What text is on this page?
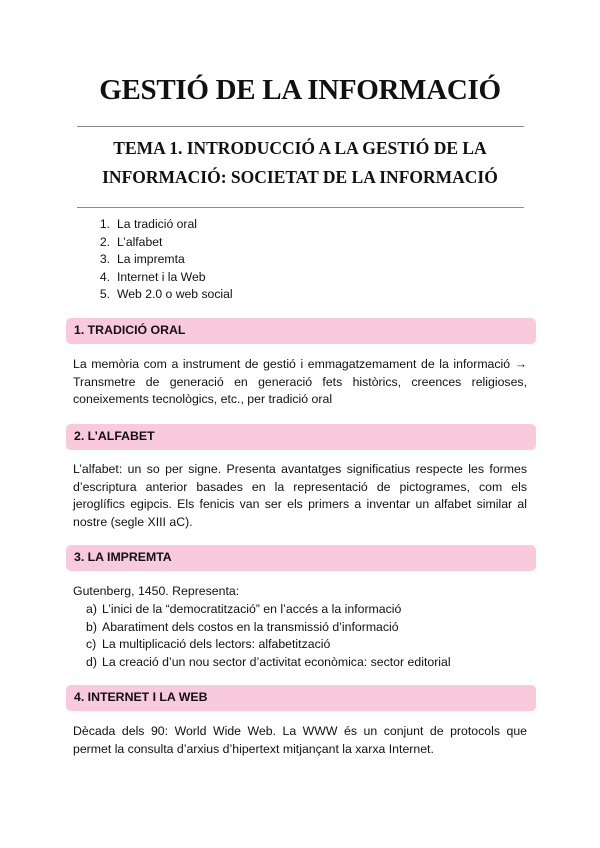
GESTIÓ DE LA INFORMACIÓ
TEMA 1. INTRODUCCIÓ A LA GESTIÓ DE LA INFORMACIÓ: SOCIETAT DE LA INFORMACIÓ
1. La tradició oral
2. L’alfabet
3. La impremta
4. Internet i la Web
5. Web 2.0 o web social
1. TRADICIÓ ORAL

La memòria com a instrument de gestió i emmagatzemament de la informació → Transmetre de generació en generació fets històrics, creences religioses, coneixements tecnològics, etc., per tradició oral

2. L’ALFABET

L’alfabet: un so per signe. Presenta avantatges significatius respecte les formes d’escriptura anterior basades en la representació de pictogrames, com els jeroglífics egipcis. Els fenicis van ser els primers a inventar un alfabet similar al nostre (segle XIII aC).

3. LA IMPREMTA

Gutenberg, 1450. Representa:

a) L’inici de la “democratització” en l’accés a la informació
b) Abaratiment dels costos en la transmissió d’informació
c) La multiplicació dels lectors: alfabetització
d) La creació d’un nou sector d’activitat econòmica: sector editorial
4. INTERNET I LA WEB

Dècada dels 90: World Wide Web. La WWW és un conjunt de protocols que permet la consulta d’arxius d’hipertext mitjançant la xarxa Internet.
